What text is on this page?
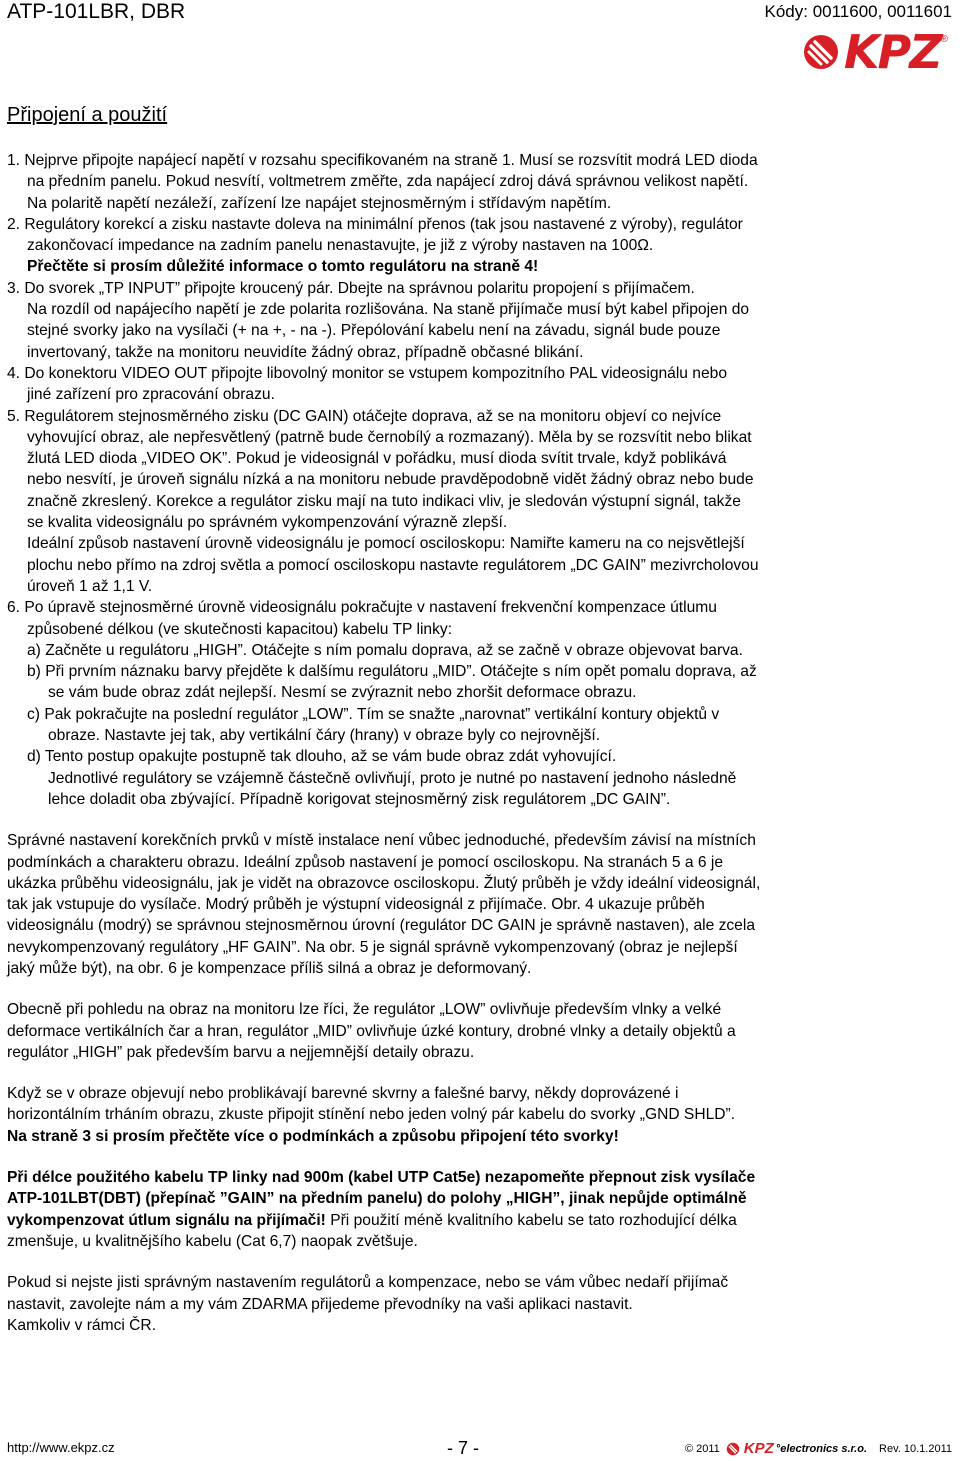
ATP-101LBR, DBR	Kódy: 0011600, 0011601
KPZ ®
Připojení a použití

1. Nejprve připojte napájecí napětí v rozsahu specifikovaném na straně 1. Musí se rozsvítit modrá LED dioda

na předním panelu. Pokud nesvítí, voltmetrem změřte, zda napájecí zdroj dává správnou velikost napětí.

Na polaritě napětí nezáleží, zařízení lze napájet stejnosměrným i střídavým napětím.

2. Regulátory korekcí a zisku nastavte doleva na minimální přenos (tak jsou nastavené z výroby), regulátor

zakončovací impedance na zadním panelu nenastavujte, je již z výroby nastaven na 100Ω.

Přečtěte si prosím důležité informace o tomto regulátoru na straně 4!

3. Do svorek „TP INPUT” připojte kroucený pár. Dbejte na správnou polaritu propojení s přijímačem.

Na rozdíl od napájecího napětí je zde polarita rozlišována. Na staně přijímače musí být kabel připojen do

stejné svorky jako na vysílači (+ na +, - na -). Přepólování kabelu není na závadu, signál bude pouze

invertovaný, takže na monitoru neuvidíte žádný obraz, případně občasné blikání.

4. Do konektoru VIDEO OUT připojte libovolný monitor se vstupem kompozitního PAL videosignálu nebo

jiné zařízení pro zpracování obrazu.

5. Regulátorem stejnosměrného zisku (DC GAIN) otáčejte doprava, až se na monitoru objeví co nejvíce

vyhovující obraz, ale nepřesvětlený (patrně bude černobílý a rozmazaný). Měla by se rozsvítit nebo blikat

žlutá LED dioda „VIDEO OK”. Pokud je videosignál v pořádku, musí dioda svítit trvale, když poblikává

nebo nesvítí, je úroveň signálu nízká a na monitoru nebude pravděpodobně vidět žádný obraz nebo bude

značně zkreslený. Korekce a regulátor zisku mají na tuto indikaci vliv, je sledován výstupní signál, takže

se kvalita videosignálu po správném vykompenzování výrazně zlepší.

Ideální způsob nastavení úrovně videosignálu je pomocí osciloskopu: Namiřte kameru na co nejsvětlejší

plochu nebo přímo na zdroj světla a pomocí osciloskopu nastavte regulátorem „DC GAIN” mezivrcholovou

úroveň 1 až 1,1 V.

6. Po úpravě stejnosměrné úrovně videosignálu pokračujte v nastavení frekvenční kompenzace útlumu

způsobené délkou (ve skutečnosti kapacitou) kabelu TP linky:

a) Začněte u regulátoru „HIGH”. Otáčejte s ním pomalu doprava, až se začně v obraze objevovat barva.

b) Při prvním náznaku barvy přejděte k dalšímu regulátoru „MID”. Otáčejte s ním opět pomalu doprava, až

se vám bude obraz zdát nejlepší. Nesmí se zvýraznit nebo zhoršit deformace obrazu.

c) Pak pokračujte na poslední regulátor „LOW”. Tím se snažte „narovnat” vertikální kontury objektů v

obraze. Nastavte jej tak, aby vertikální čáry (hrany) v obraze byly co nejrovnější.

d) Tento postup opakujte postupně tak dlouho, až se vám bude obraz zdát vyhovující.

Jednotlivé regulátory se vzájemně částečně ovlivňují, proto je nutné po nastavení jednoho následně

lehce doladit oba zbývající. Případně korigovat stejnosměrný zisk regulátorem „DC GAIN”.

Správné nastavení korekčních prvků v místě instalace není vůbec jednoduché, především závisí na místních

podmínkách a charakteru obrazu. Ideální způsob nastavení je pomocí osciloskopu. Na stranách 5 a 6 je

ukázka průběhu videosignálu, jak je vidět na obrazovce osciloskopu. Žlutý průběh je vždy ideální videosignál,

tak jak vstupuje do vysílače. Modrý průběh je výstupní videosignál z přijímače. Obr. 4 ukazuje průběh

videosignálu (modrý) se správnou stejnosměrnou úrovní (regulátor DC GAIN je správně nastaven), ale zcela

nevykompenzovaný regulátory „HF GAIN”. Na obr. 5 je signál správně vykompenzovaný (obraz je nejlepší

jaký může být), na obr. 6 je kompenzace příliš silná a obraz je deformovaný.

Obecně při pohledu na obraz na monitoru lze říci, že regulátor „LOW” ovlivňuje především vlnky a velké

deformace vertikálních čar a hran, regulátor „MID” ovlivňuje úzké kontury, drobné vlnky a detaily objektů a

regulátor „HIGH” pak především barvu a nejjemnější detaily obrazu.

Když se v obraze objevují nebo problikávají barevné skvrny a falešné barvy, někdy doprovázené i

horizontálním trháním obrazu, zkuste připojit stínění nebo jeden volný pár kabelu do svorky „GND SHLD”.

Na straně 3 si prosím přečtěte více o podmínkách a způsobu připojení této svorky!

Při délce použitého kabelu TP linky nad 900m (kabel UTP Cat5e) nezapomeňte přepnout zisk vysílače

ATP-101LBT(DBT) (přepínač ”GAIN” na předním panelu) do polohy „HIGH”, jinak nepůjde optimálně

vykompenzovat útlum signálu na přijímači! Při použití méně kvalitního kabelu se tato rozhodující délka

zmenšuje, u kvalitnějšího kabelu (Cat 6,7) naopak zvětšuje.

Pokud si nejste jisti správným nastavením regulátorů a kompenzace, nebo se vám vůbec nedaří přijímač

nastavit, zavolejte nám a my vám ZDARMA přijedeme převodníky na vaši aplikaci nastavit.

Kamkoliv v rámci ČR.

http://www.ekpz.cz	- 7 -	© 2011 KPZ °electronics s.r.o. Rev. 10.1.2011
